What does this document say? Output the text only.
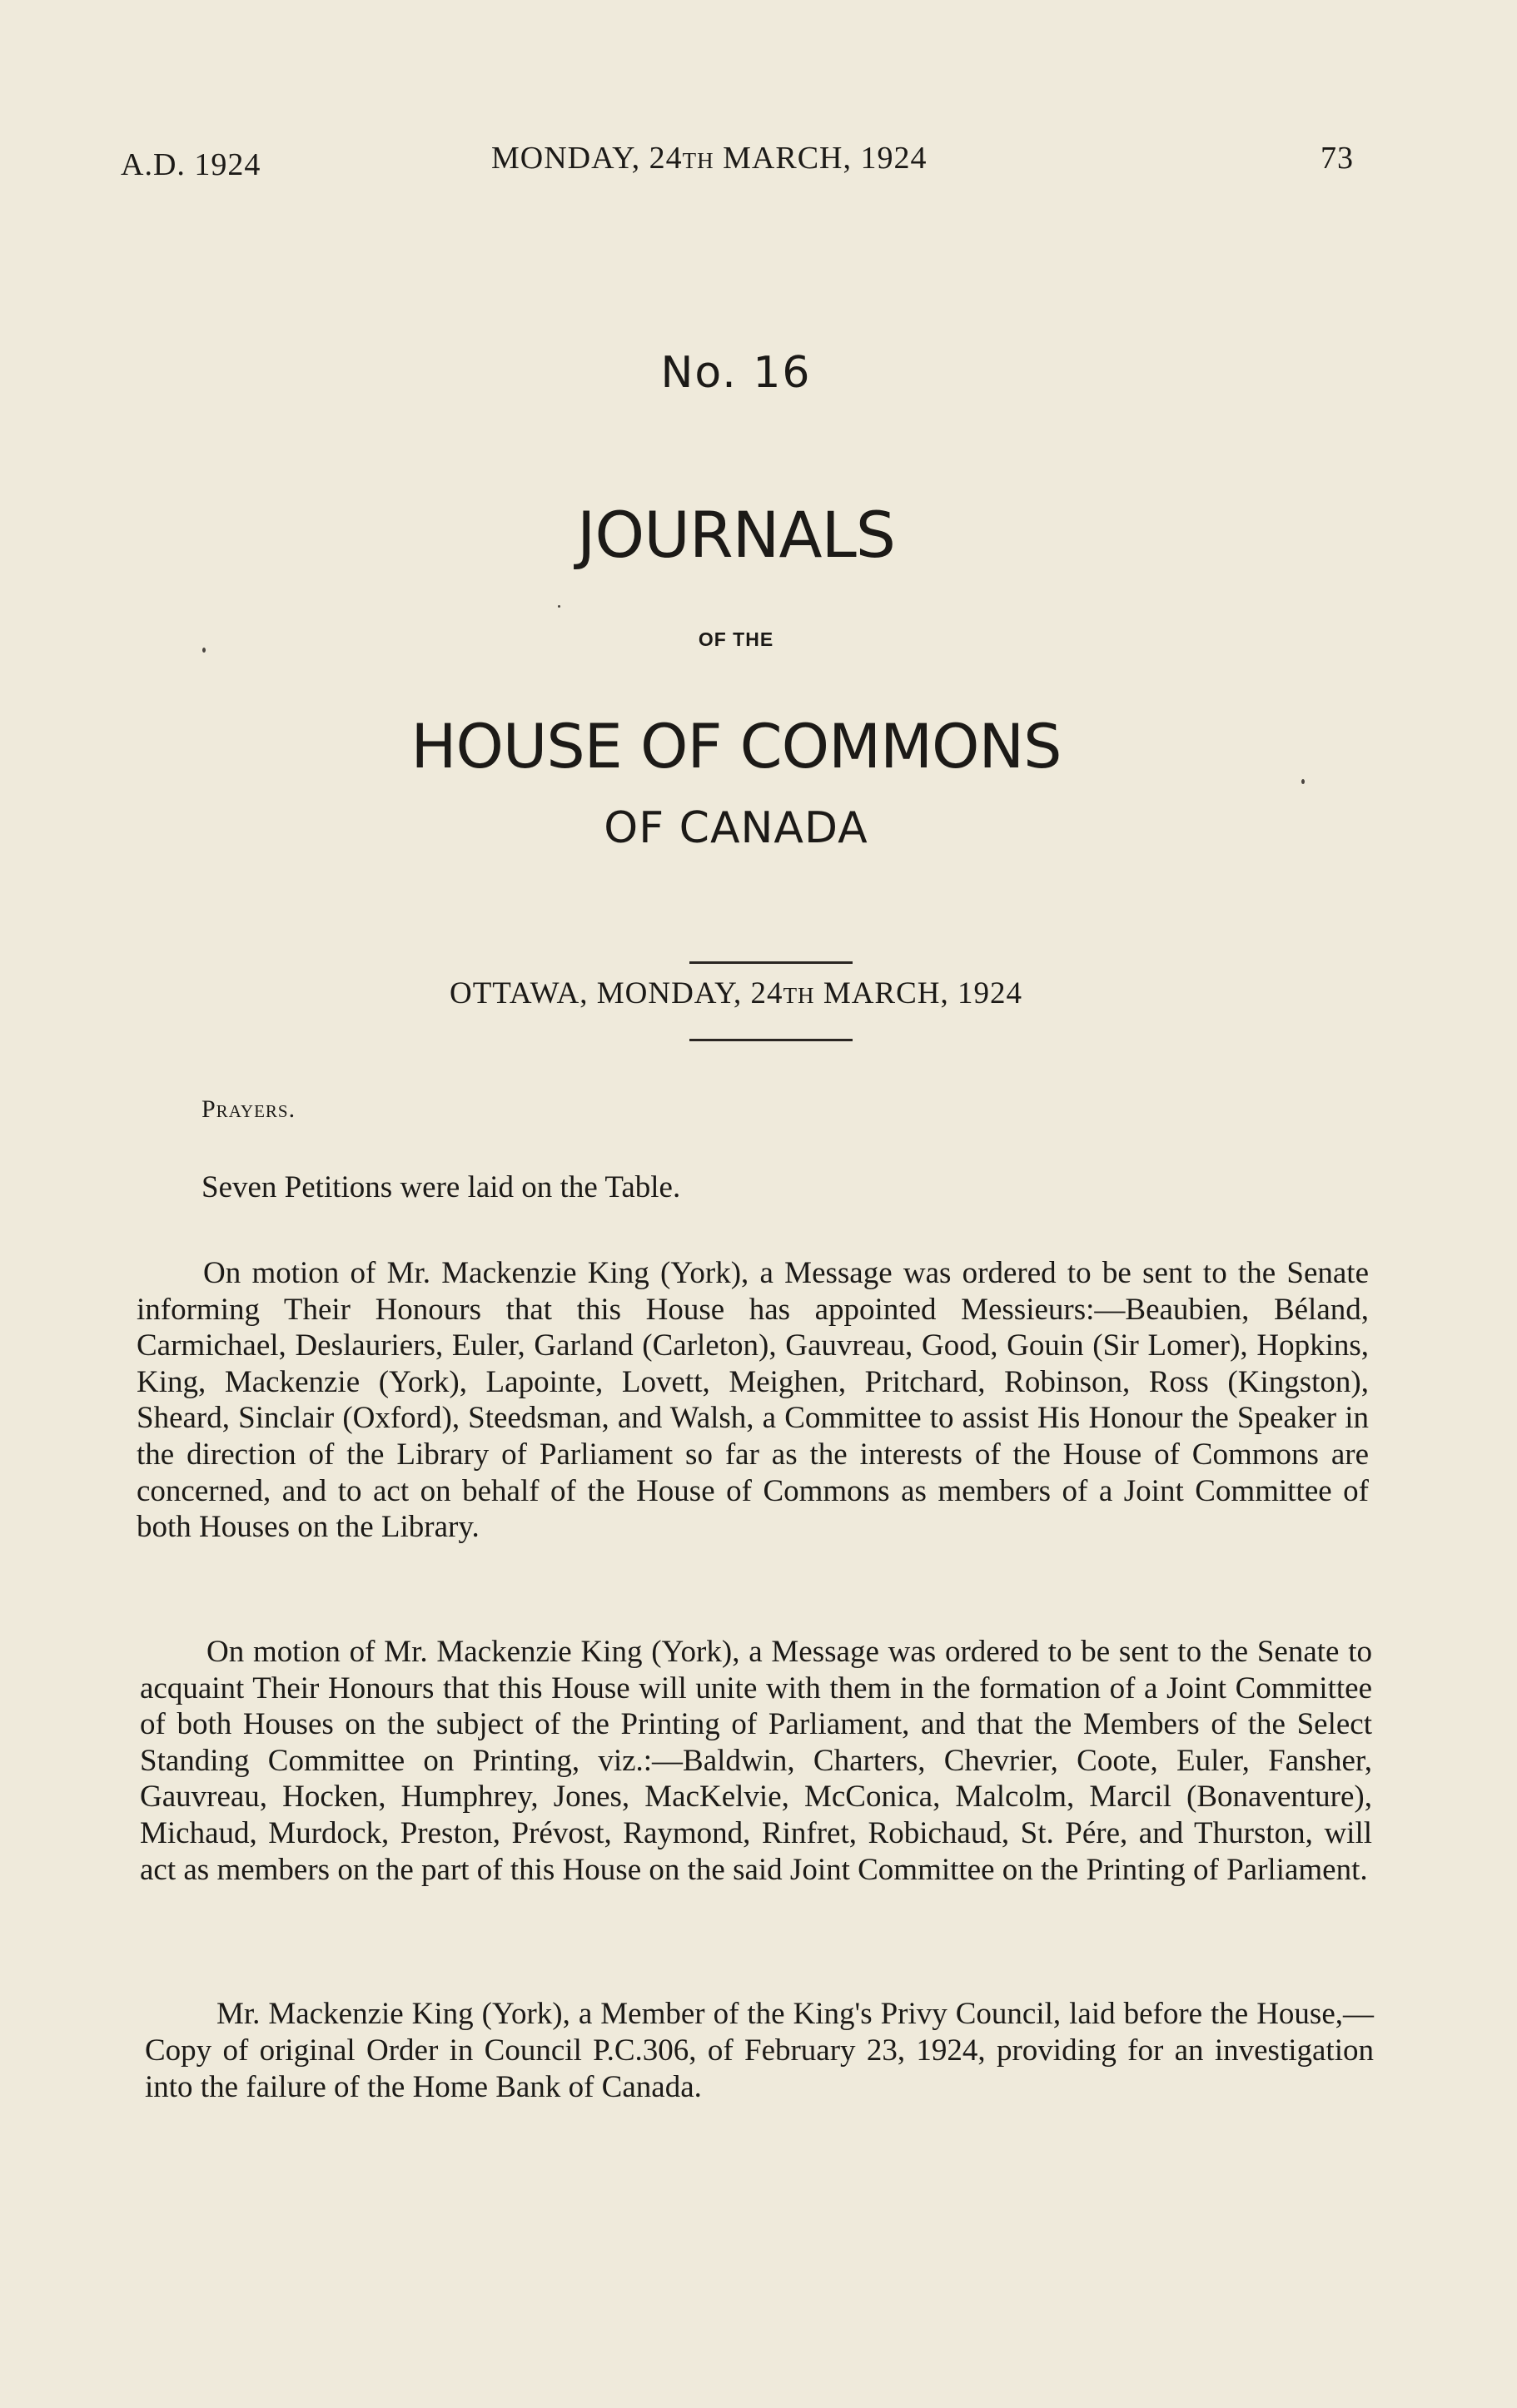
A.D. 1924	MONDAY, 24TH MARCH, 1924	73
No. 16
JOURNALS
OF THE
HOUSE OF COMMONS
OF CANADA
OTTAWA, MONDAY, 24TH MARCH, 1924
Prayers.
Seven Petitions were laid on the Table.
On motion of Mr. Mackenzie King (York), a Message was ordered to be sent to the Senate informing Their Honours that this House has appointed Messieurs:—Beaubien, Béland, Carmichael, Deslauriers, Euler, Garland (Carleton), Gauvreau, Good, Gouin (Sir Lomer), Hopkins, King, Mackenzie (York), Lapointe, Lovett, Meighen, Pritchard, Robinson, Ross (Kingston), Sheard, Sinclair (Oxford), Steedsman, and Walsh, a Committee to assist His Honour the Speaker in the direction of the Library of Parliament so far as the interests of the House of Commons are concerned, and to act on behalf of the House of Commons as members of a Joint Committee of both Houses on the Library.
On motion of Mr. Mackenzie King (York), a Message was ordered to be sent to the Senate to acquaint Their Honours that this House will unite with them in the formation of a Joint Committee of both Houses on the subject of the Printing of Parliament, and that the Members of the Select Standing Committee on Printing, viz.:—Baldwin, Charters, Chevrier, Coote, Euler, Fansher, Gauvreau, Hocken, Humphrey, Jones, MacKelvie, McConica, Malcolm, Marcil (Bonaventure), Michaud, Murdock, Preston, Prévost, Raymond, Rinfret, Robichaud, St. Pére, and Thurston, will act as members on the part of this House on the said Joint Committee on the Printing of Parliament.
Mr. Mackenzie King (York), a Member of the King's Privy Council, laid before the House,—Copy of original Order in Council P.C.306, of February 23, 1924, providing for an investigation into the failure of the Home Bank of Canada.
